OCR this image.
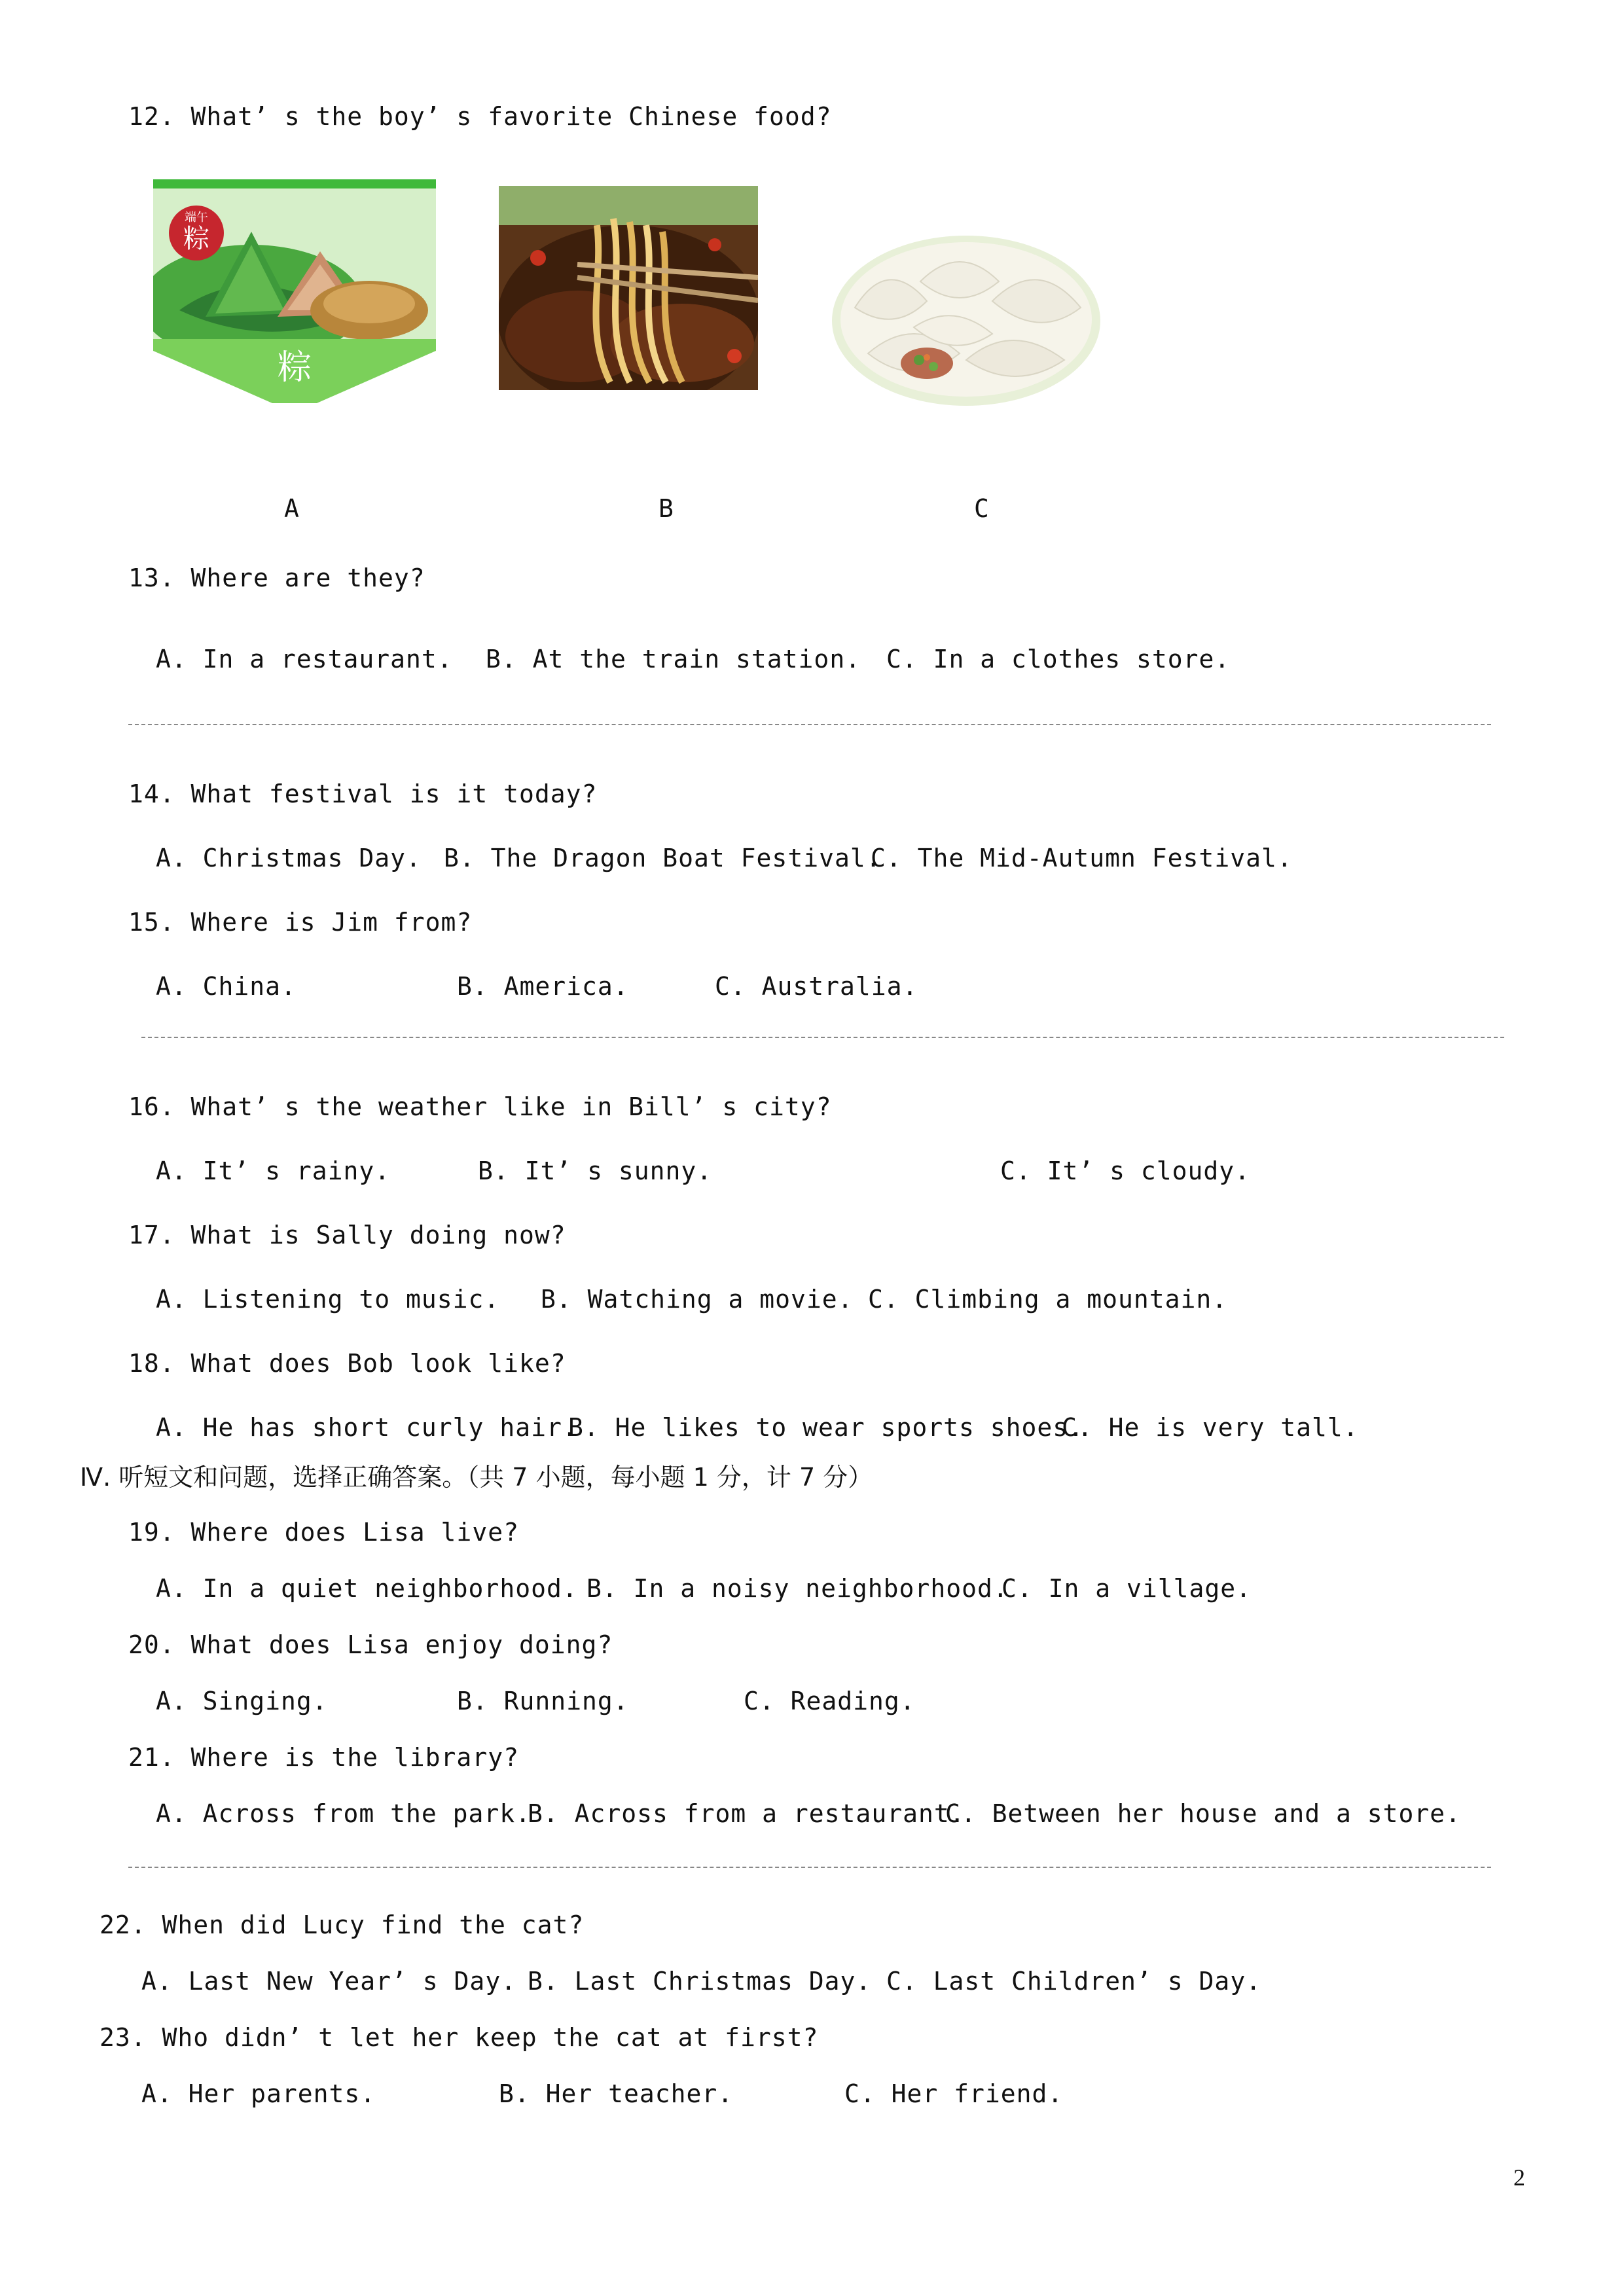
12. What’ s the boy’ s favorite Chinese food?
端午
粽
粽
A	B	C
13. Where are they?
A. In a restaurant. B. At the train station. C. In a clothes store.
14. What festival is it today?
A. Christmas Day. B. The Dragon Boat Festival.
C. The Mid-Autumn Festival.
15. Where is Jim from?
A. China.	B. America.	C. Australia.
16. What’ s the weather like in Bill’ s city?
A. It’ s rainy.	B. It’ s sunny.	C. It’ s cloudy.
17. What is Sally doing now?
A. Listening to music. B. Watching a movie. C. Climbing a mountain.
18. What does Bob look like?
A. He has short curly hair.
B. He likes to wear sports shoes.
C. He is very tall.
Ⅳ. 听短文和问题，选择正确答案。（共 7 小题，每小题 1 分，计 7 分）
19. Where does Lisa live?
A. In a quiet neighborhood. B. In a noisy neighborhood.
C. In a village.
20. What does Lisa enjoy doing?
A. Singing.	B. Running.	C. Reading.
21. Where is the library?
A. Across from the park.
B. Across from a restaurant.
C. Between her house and a store.
22. When did Lucy find the cat?
A. Last New Year’ s Day. B. Last Christmas Day. C. Last Children’ s Day.
23. Who didn’ t let her keep the cat at first?
A. Her parents.	B. Her teacher.	C. Her friend.
2
